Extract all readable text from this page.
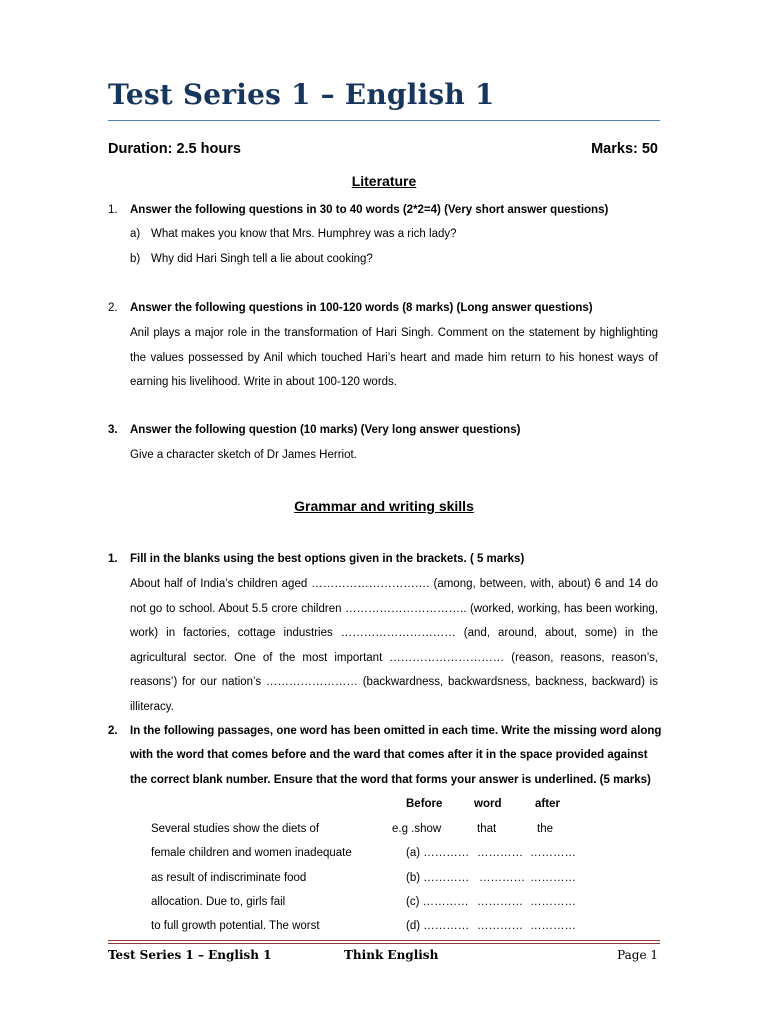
Test Series 1 – English 1
Duration: 2.5 hours	Marks: 50
Literature
1. Answer the following questions in 30 to 40 words (2*2=4) (Very short answer questions)
a) What makes you know that Mrs. Humphrey was a rich lady?
b) Why did Hari Singh tell a lie about cooking?
2. Answer the following questions in 100-120 words (8 marks) (Long answer questions)

Anil plays a major role in the transformation of Hari Singh. Comment on the statement by highlighting the values possessed by Anil which touched Hari’s heart and made him return to his honest ways of earning his livelihood. Write in about 100-120 words.

3. Answer the following question (10 marks) (Very long answer questions)
Give a character sketch of Dr James Herriot.
Grammar and writing skills
1. Fill in the blanks using the best options given in the brackets. ( 5 marks)

About half of India’s children aged …………………………. (among, between, with, about) 6 and 14 do not go to school. About 5.5 crore children ………………………….. (worked, working, has been working, work) in factories, cottage industries ………………………… (and, around, about, some) in the agricultural sector. One of the most important ………………………… (reason, reasons, reason’s, reasons’) for our nation’s …………………… (backwardness, backwardsness, backness, backward) is illiteracy.

2. In the following passages, one word has been omitted in each time. Write the missing word along
with the word that comes before and the ward that comes after it in the space provided against
the correct blank number. Ensure that the word that forms your answer is underlined. (5 marks)
Before	word	after
Several studies show the diets of	e.g .show	that	the
female children and women inadequate	(a) ………… ………… …………
as result of indiscriminate food	(b) ………… ………… …………
allocation. Due to, girls fail	(c) ………… ………… …………
to full growth potential. The worst	(d) ………… ………… …………
Test Series 1 – English 1	Think English	Page 1
